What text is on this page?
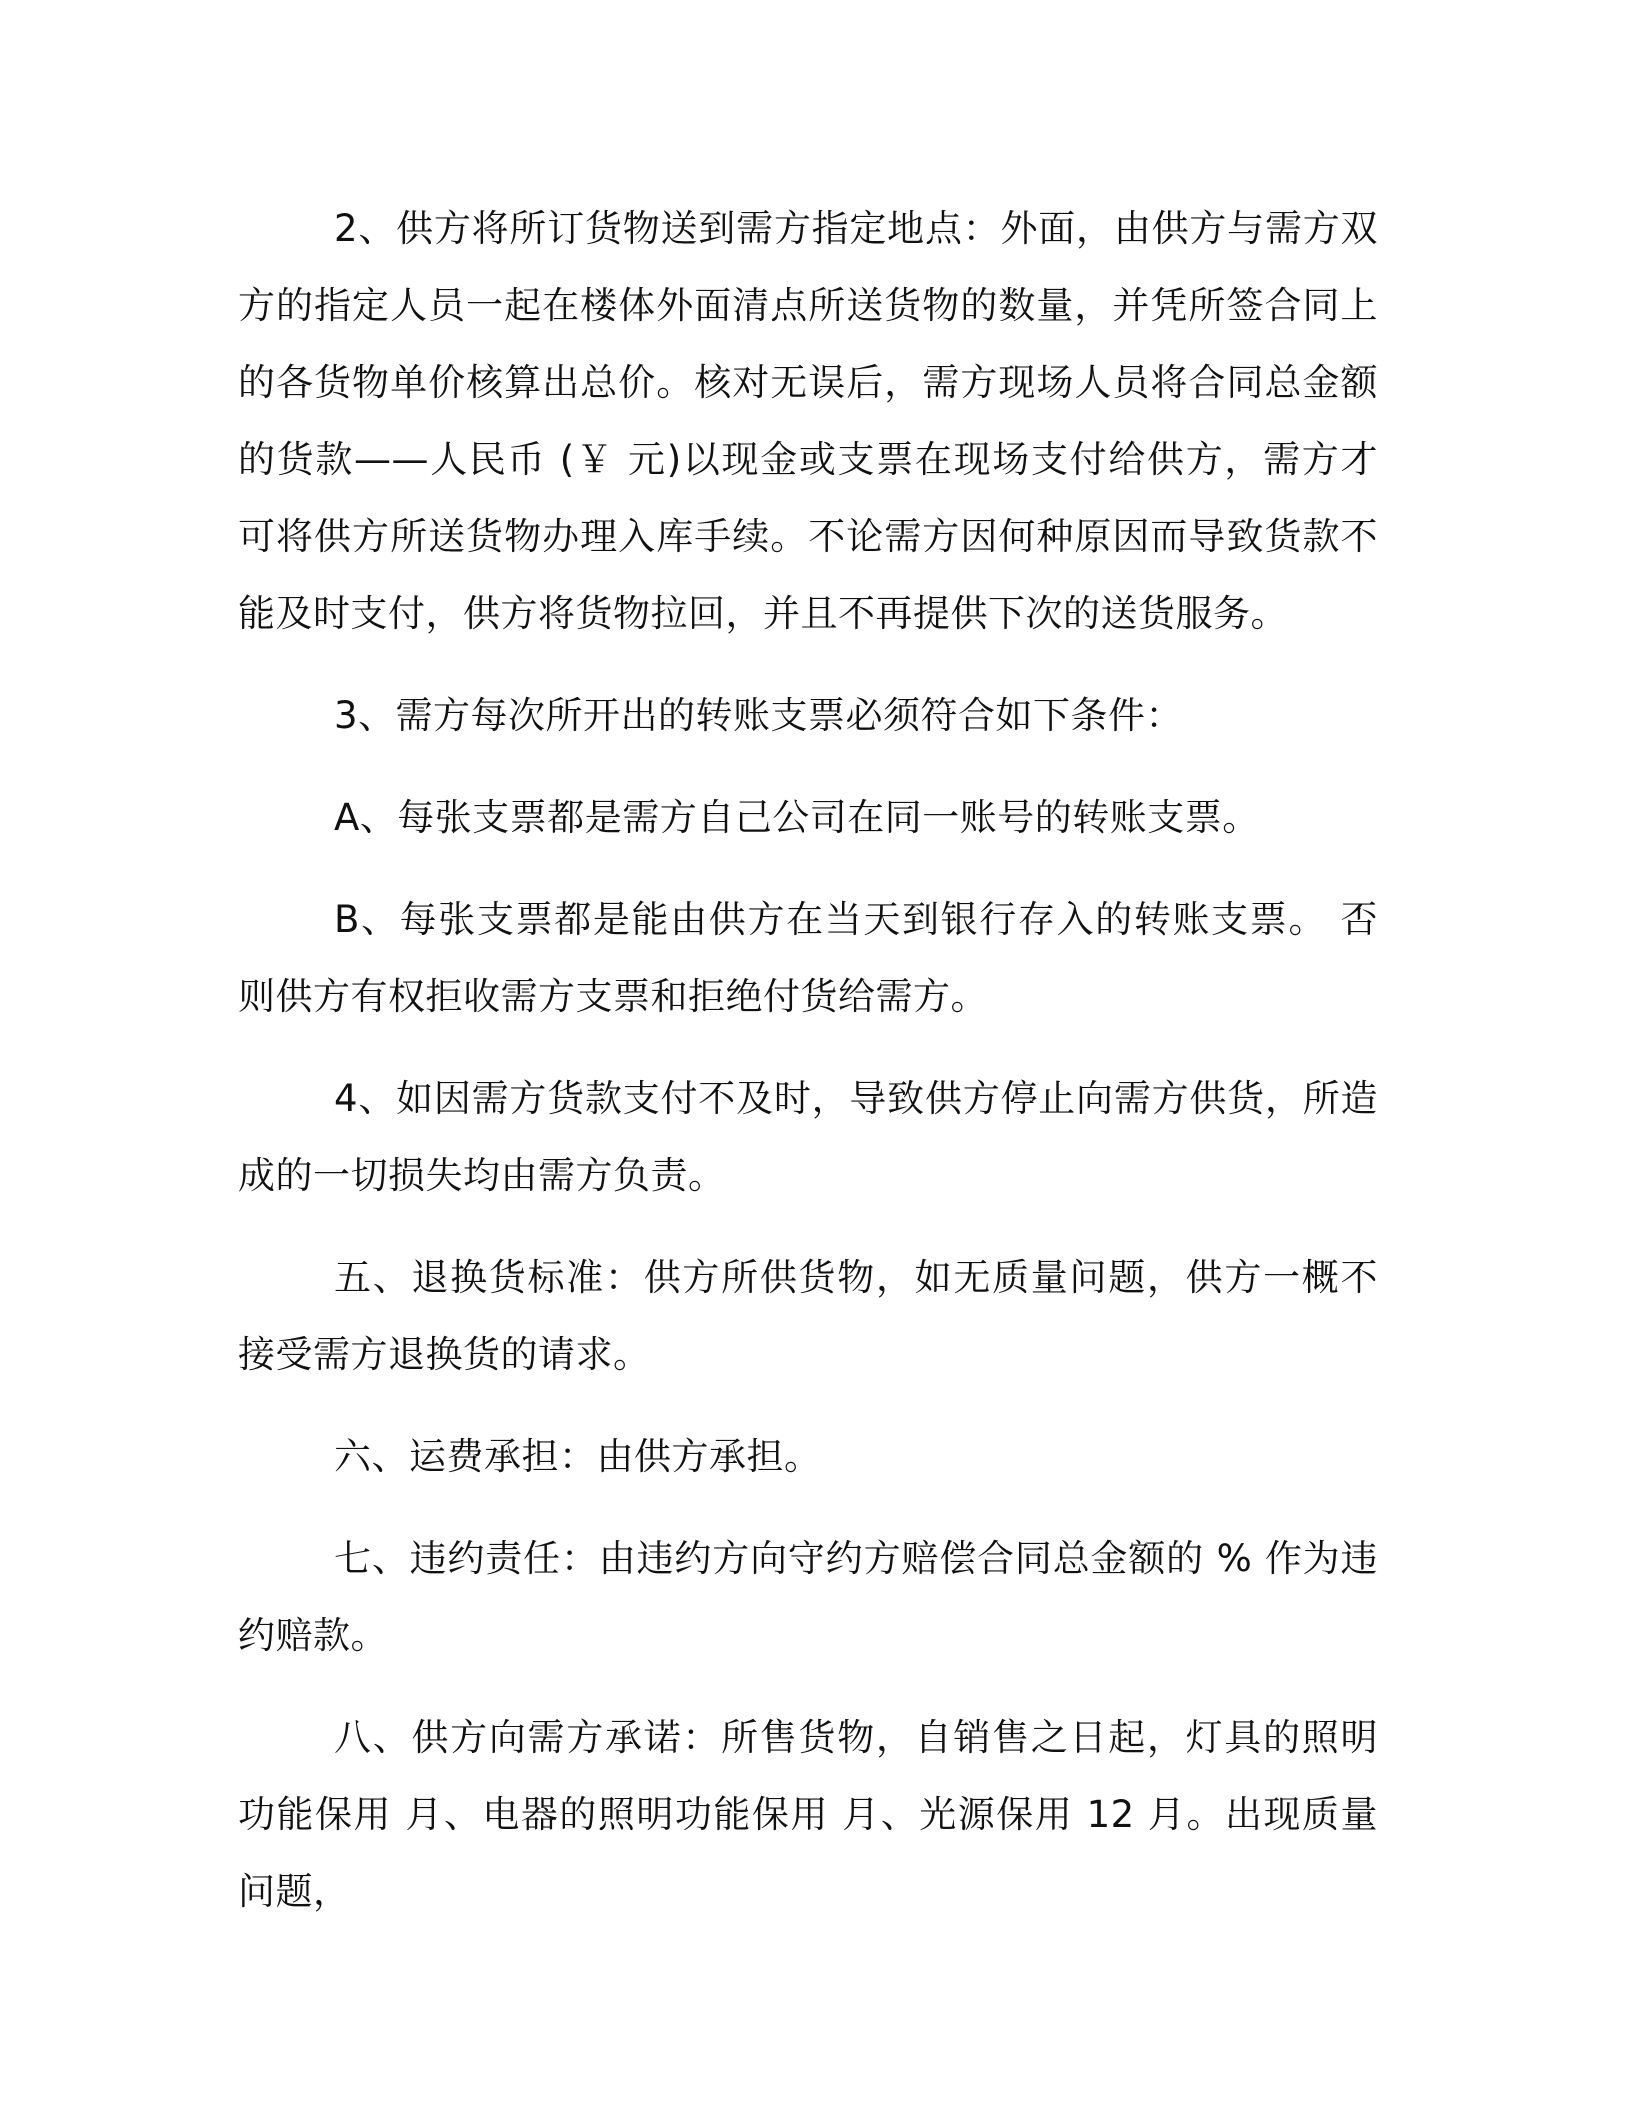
2、供方将所订货物送到需方指定地点：外面，由供方与需方双方的指定人员一起在楼体外面清点所送货物的数量，并凭所签合同上的各货物单价核算出总价。核对无误后，需方现场人员将合同总金额的货款——人民币 (￥ 元)以现金或支票在现场支付给供方，需方才可将供方所送货物办理入库手续。不论需方因何种原因而导致货款不能及时支付，供方将货物拉回，并且不再提供下次的送货服务。

3、需方每次所开出的转账支票必须符合如下条件：

A、每张支票都是需方自己公司在同一账号的转账支票。

B、每张支票都是能由供方在当天到银行存入的转账支票。 否则供方有权拒收需方支票和拒绝付货给需方。

4、如因需方货款支付不及时，导致供方停止向需方供货，所造成的一切损失均由需方负责。

五、退换货标准：供方所供货物，如无质量问题，供方一概不接受需方退换货的请求。

六、运费承担：由供方承担。

七、违约责任：由违约方向守约方赔偿合同总金额的 % 作为违约赔款。

八、供方向需方承诺：所售货物，自销售之日起，灯具的照明功能保用 月、电器的照明功能保用 月、光源保用 12 月。出现质量问题，
